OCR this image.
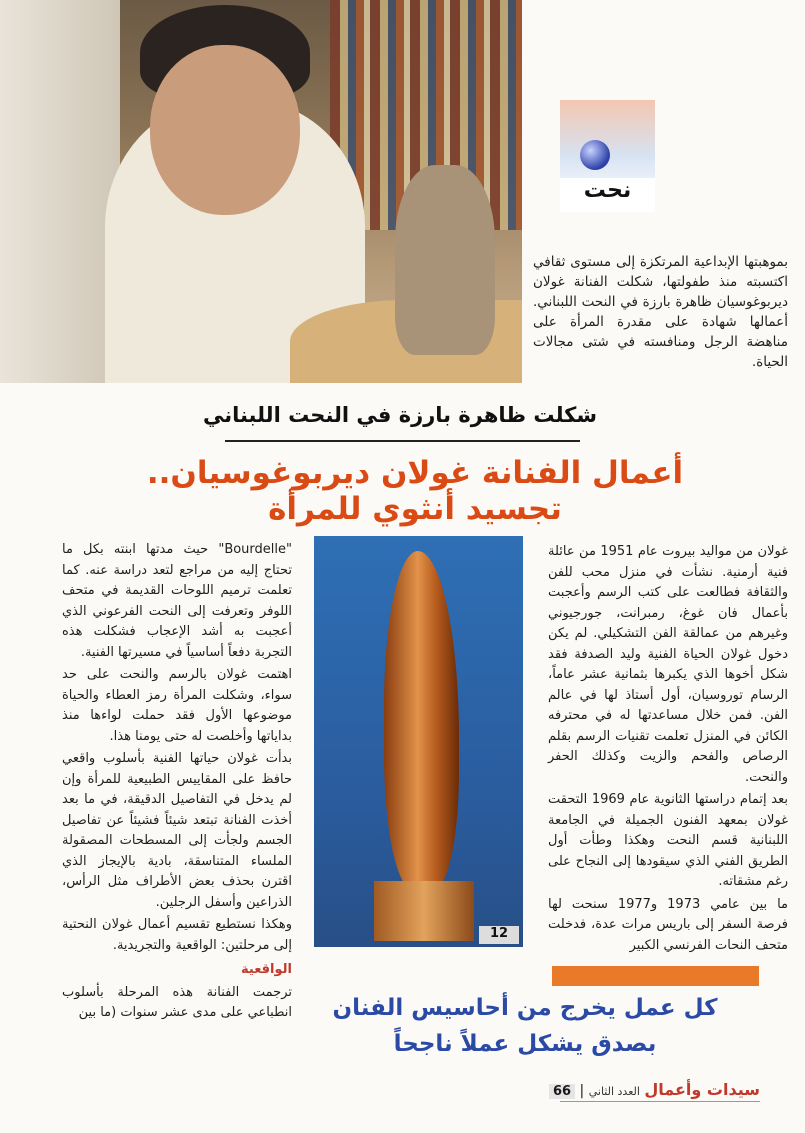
نحت
بموهبتها الإبداعية المرتكزة إلى مستوى ثقافي اكتسبته منذ طفولتها، شكلت الفنانة غولان ديربوغوسيان ظاهرة بارزة في النحت اللبناني. أعمالها شهادة على مقدرة المرأة على مناهضة الرجل ومنافسته في شتى مجالات الحياة.
شكلت ظاهرة بارزة في النحت اللبناني
أعمال الفنانة غولان ديربوغوسيان.. تجسيد أنثوي للمرأة

غولان من مواليد بيروت عام 1951 من عائلة فنية أرمنية. نشأت في منزل محب للفن والثقافة فطالعت على كتب الرسم وأعجبت بأعمال فان غوغ، رمبرانت، جورجيوني وغيرهم من عمالقة الفن التشكيلي. لم يكن دخول غولان الحياة الفنية وليد الصدفة فقد شكل أخوها الذي يكبرها بثمانية عشر عاماً، الرسام توروسيان، أول أستاذ لها في عالم الفن. فمن خلال مساعدتها له في محترفه الكائن في المنزل تعلمت تقنيات الرسم بقلم الرصاص والفحم والزيت وكذلك الحفر والنحت.

بعد إتمام دراستها الثانوية عام 1969 التحقت غولان بمعهد الفنون الجميلة في الجامعة اللبنانية قسم النحت وهكذا وطأت أول الطريق الفني الذي سيقودها إلى النجاح على رغم مشقاته.

ما بين عامي 1973 و1977 سنحت لها فرصة السفر إلى باريس مرات عدة، فدخلت متحف النحات الفرنسي الكبير

12

"Bourdelle" حيث مدتها ابنته بكل ما تحتاج إليه من مراجع لتعد دراسة عنه. كما تعلمت ترميم اللوحات القديمة في متحف اللوفر وتعرفت إلى النحت الفرعوني الذي أعجبت به أشد الإعجاب فشكلت هذه التجربة دفعاً أساسياً في مسيرتها الفنية.

اهتمت غولان بالرسم والنحت على حد سواء، وشكلت المرأة رمز العطاء والحياة موضوعها الأول فقد حملت لواءها منذ بداياتها وأخلصت له حتى يومنا هذا.

بدأت غولان حياتها الفنية بأسلوب واقعي حافظ على المقاييس الطبيعية للمرأة وإن لم يدخل في التفاصيل الدقيقة، في ما بعد أخذت الفنانة تبتعد شيئاً فشيئاً عن تفاصيل الجسم ولجأت إلى المسطحات المصقولة الملساء المتناسقة، بادية بالإيجاز الذي اقترن بحذف بعض الأطراف مثل الرأس، الذراعين وأسفل الرجلين.

وهكذا نستطيع تقسيم أعمال غولان النحتية إلى مرحلتين: الواقعية والتجريدية.

الواقعية

ترجمت الفنانة هذه المرحلة بأسلوب انطباعي على مدى عشر سنوات (ما بين	كل عمل يخرج من أحاسيس الفنان
بصدق يشكل عملاً ناجحاً
سيدات وأعمال العدد الثاني | 66
